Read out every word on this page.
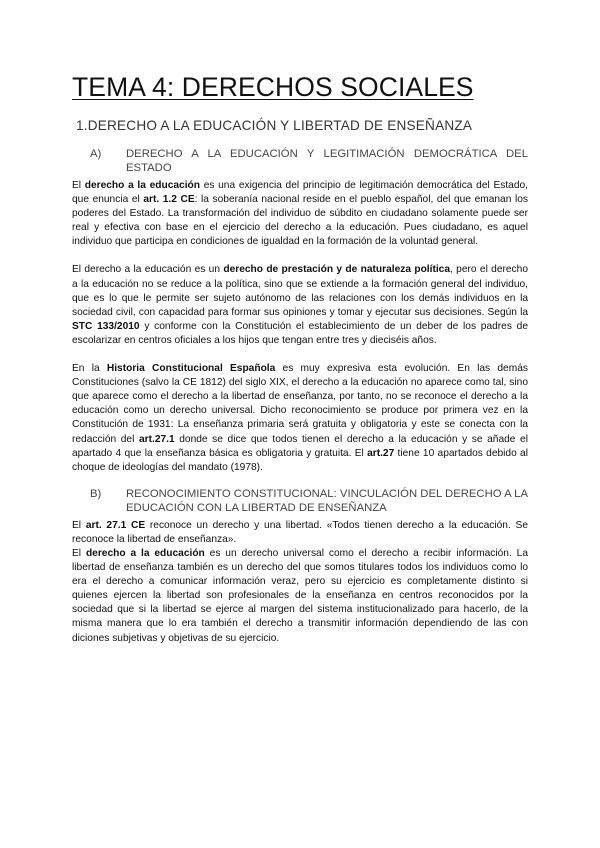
TEMA 4: DERECHOS SOCIALES
1.DERECHO A LA EDUCACIÓN Y LIBERTAD DE ENSEÑANZA
A)	DERECHO A LA EDUCACIÓN Y LEGITIMACIÓN DEMOCRÁTICA DEL ESTADO

El derecho a la educación es una exigencia del principio de legitimación democrática del Estado, que enuncia el art. 1.2 CE: la soberanía nacional reside en el pueblo español, del que emanan los poderes del Estado. La transformación del individuo de súbdito en ciudadano solamente puede ser real y efectiva con base en el ejercicio del derecho a la educación. Pues ciudadano, es aquel individuo que participa en condiciones de igualdad en la formación de la voluntad general.

El derecho a la educación es un derecho de prestación y de naturaleza política, pero el derecho a la educación no se reduce a la política, sino que se extiende a la formación general del individuo, que es lo que le permite ser sujeto autónomo de las relaciones con los demás individuos en la sociedad civil, con capacidad para formar sus opiniones y tomar y ejecutar sus decisiones. Según la STC 133/2010 y conforme con la Constitución el establecimiento de un deber de los padres de escolarizar en centros oficiales a los hijos que tengan entre tres y dieciséis años.

En la Historia Constitucional Española es muy expresiva esta evolución. En las demás Constituciones (salvo la CE 1812) del siglo XIX, el derecho a la educación no aparece como tal, sino que aparece como el derecho a la libertad de enseñanza, por tanto, no se reconoce el derecho a la educación como un derecho universal. Dicho reconocimiento se produce por primera vez en la Constitución de 1931: La enseñanza primaria será gratuita y obligatoria y este se conecta con la redacción del art.27.1 donde se dice que todos tienen el derecho a la educación y se añade el apartado 4 que la enseñanza básica es obligatoria y gratuita. El art.27 tiene 10 apartados debido al choque de ideologías del mandato (1978).

B)	RECONOCIMIENTO CONSTITUCIONAL: VINCULACIÓN DEL DERECHO A LA EDUCACIÓN CON LA LIBERTAD DE ENSEÑANZA

El art. 27.1 CE reconoce un derecho y una libertad. «Todos tienen derecho a la educación. Se reconoce la libertad de enseñanza».

El derecho a la educación es un derecho universal como el derecho a recibir información. La libertad de enseñanza también es un derecho del que somos titulares todos los individuos como lo era el derecho a comunicar información veraz, pero su ejercicio es completamente distinto si quienes ejercen la libertad son profesionales de la enseñanza en centros reconocidos por la sociedad que si la libertad se ejerce al margen del sistema institucionalizado para hacerlo, de la misma manera que lo era también el derecho a transmitir información dependiendo de las con diciones subjetivas y objetivas de su ejercicio.
